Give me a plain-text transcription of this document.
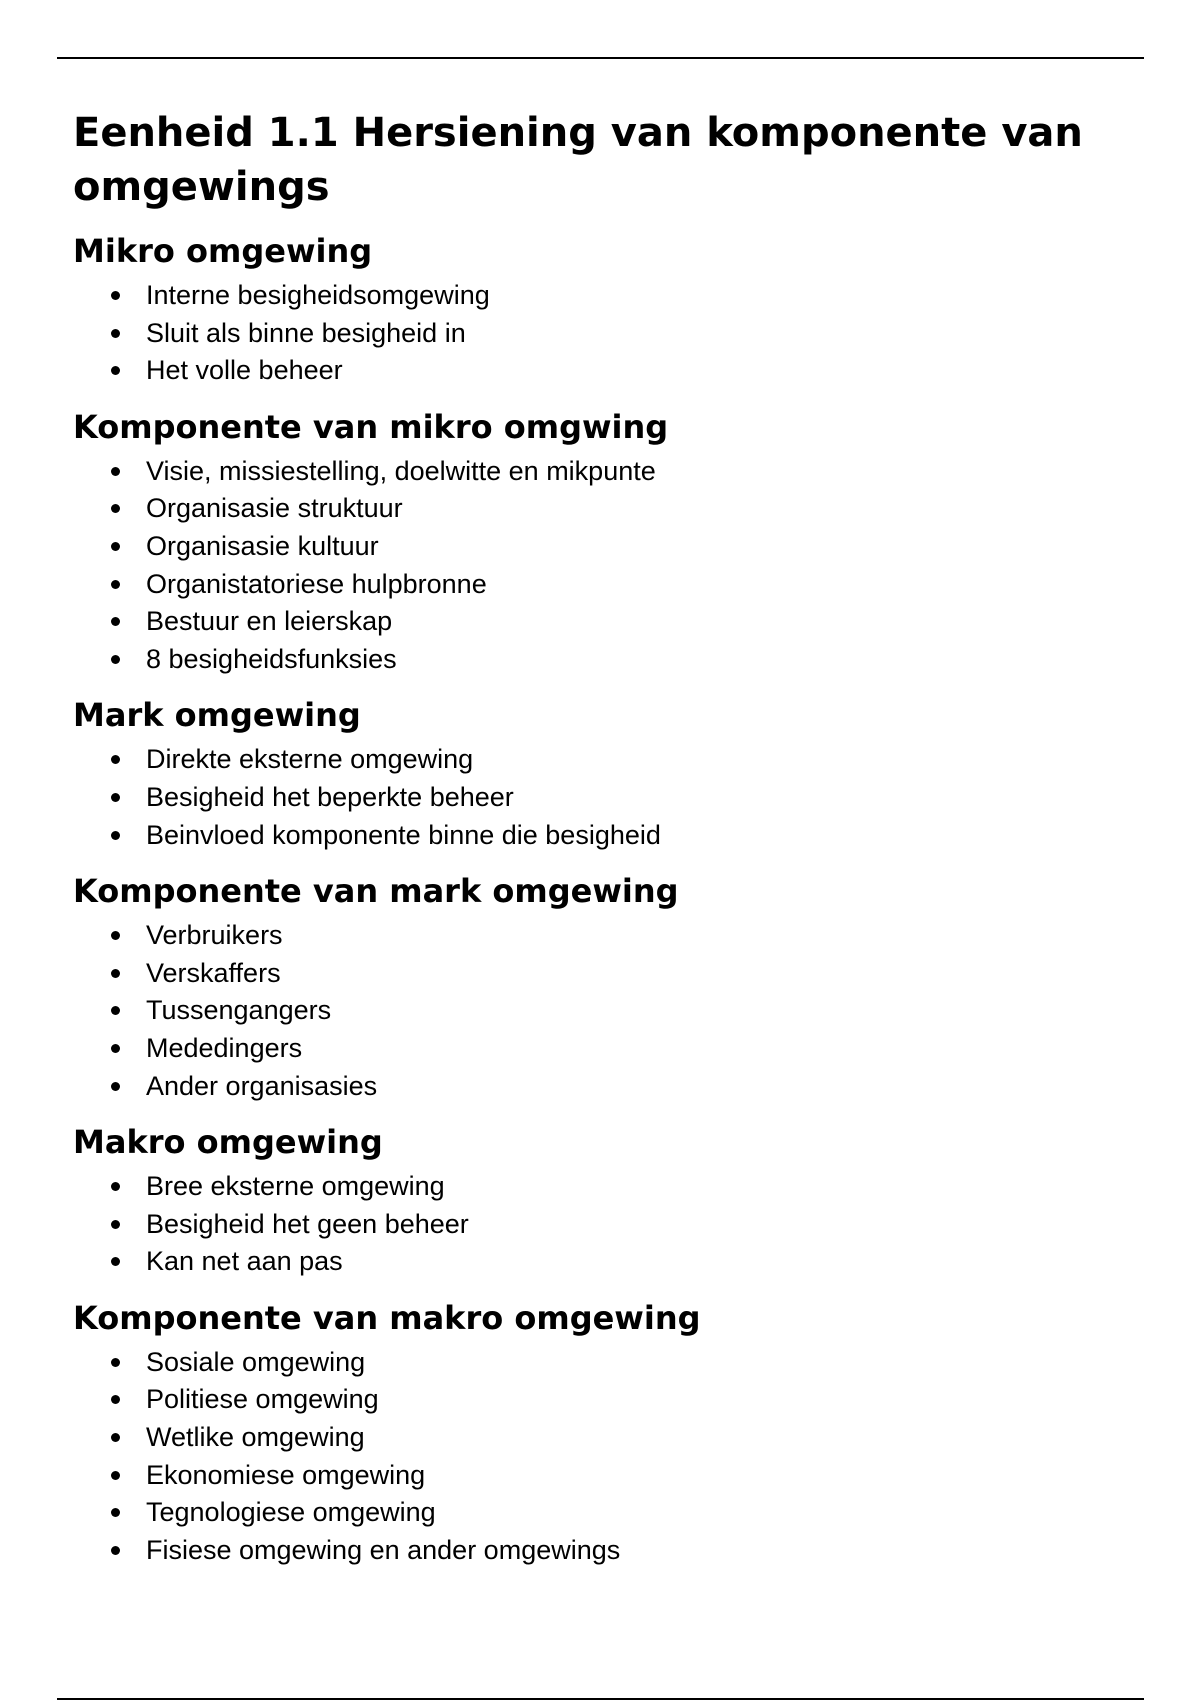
Eenheid 1.1 Hersiening van komponente van omgewings
Mikro omgewing
Interne besigheidsomgewing
Sluit als binne besigheid in
Het volle beheer
Komponente van mikro omgwing
Visie, missiestelling, doelwitte en mikpunte
Organisasie struktuur
Organisasie kultuur
Organistatoriese hulpbronne
Bestuur en leierskap
8 besigheidsfunksies
Mark omgewing
Direkte eksterne omgewing
Besigheid het beperkte beheer
Beinvloed komponente binne die besigheid
Komponente van mark omgewing
Verbruikers
Verskaffers
Tussengangers
Mededingers
Ander organisasies
Makro omgewing
Bree eksterne omgewing
Besigheid het geen beheer
Kan net aan pas
Komponente van makro omgewing
Sosiale omgewing
Politiese omgewing
Wetlike omgewing
Ekonomiese omgewing
Tegnologiese omgewing
Fisiese omgewing en ander omgewings
